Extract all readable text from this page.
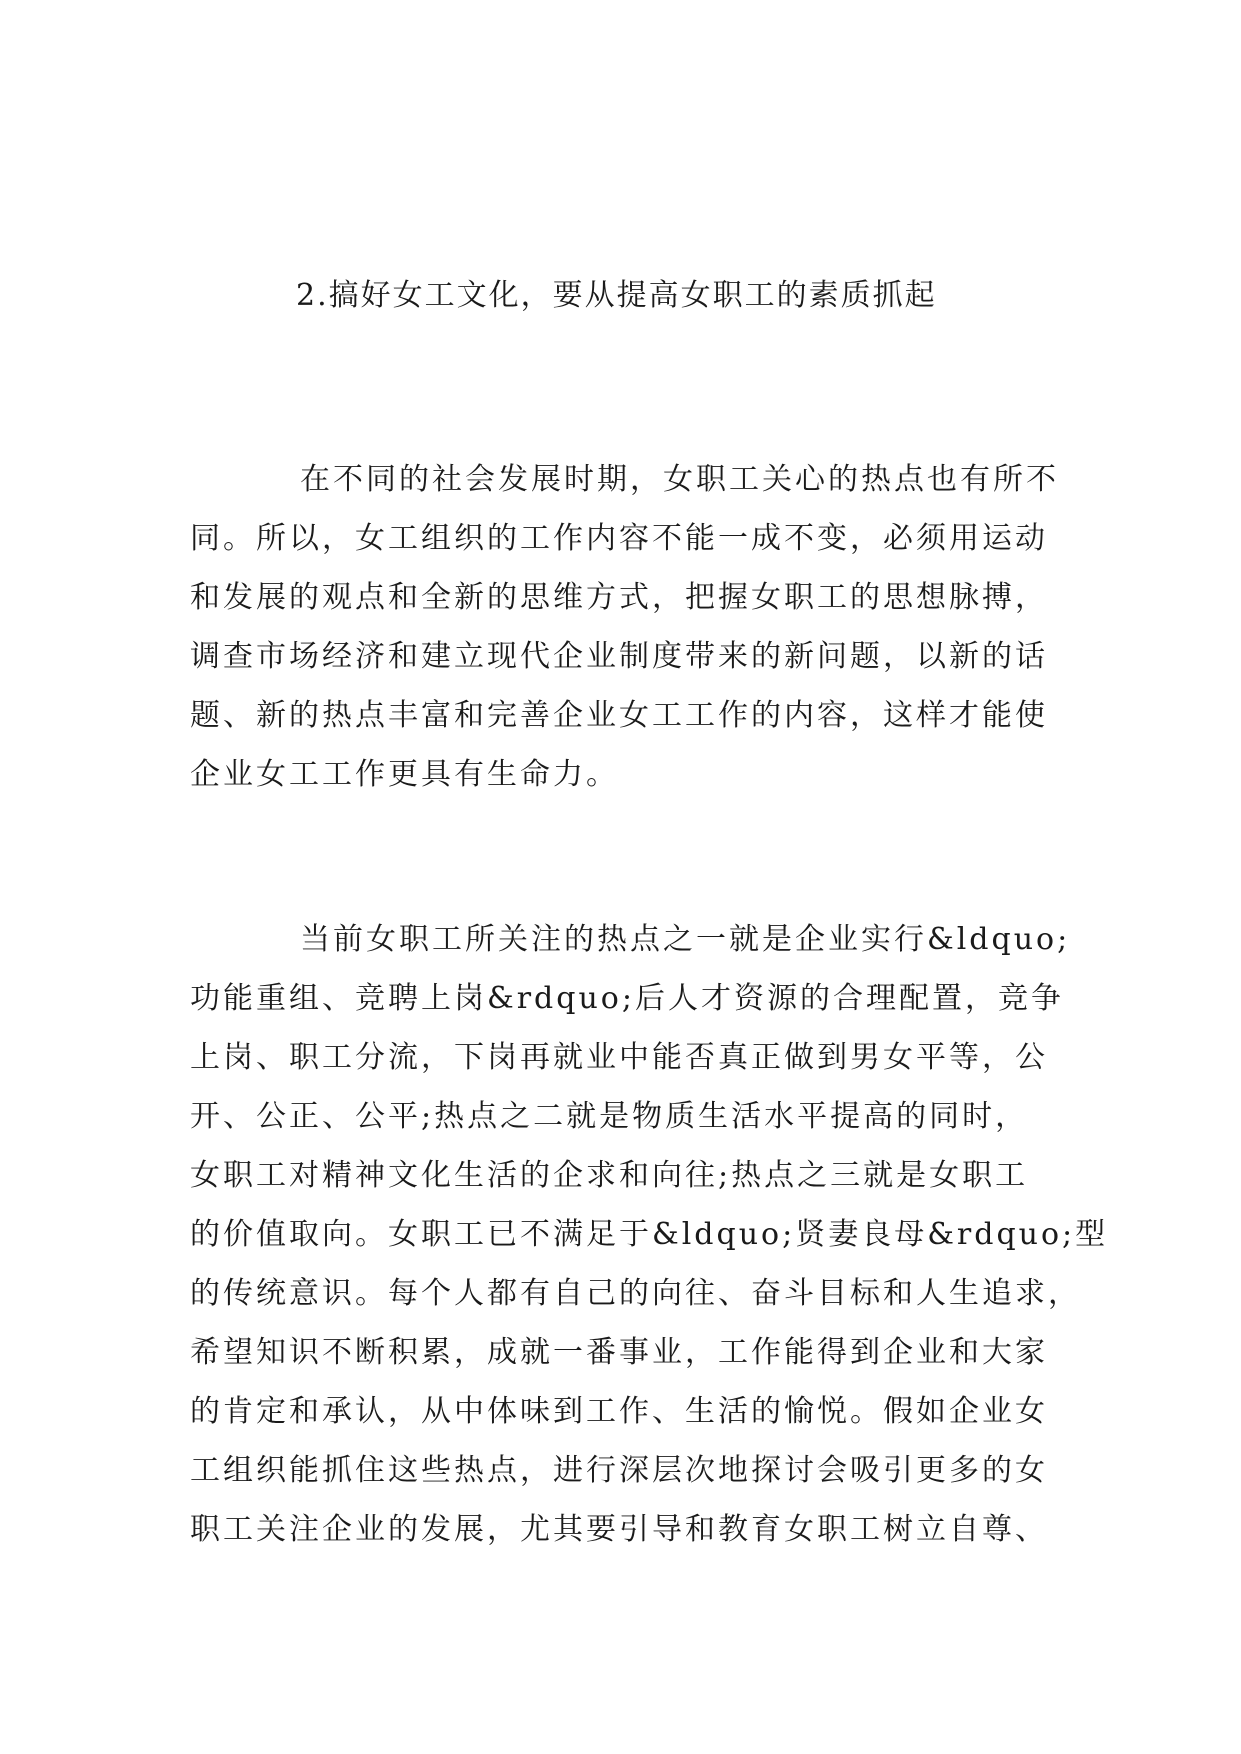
2.搞好女工文化，要从提高女职工的素质抓起
在不同的社会发展时期，女职工关心的热点也有所不
同。所以，女工组织的工作内容不能一成不变，必须用运动
和发展的观点和全新的思维方式，把握女职工的思想脉搏，
调查市场经济和建立现代企业制度带来的新问题，以新的话
题、新的热点丰富和完善企业女工工作的内容，这样才能使
企业女工工作更具有生命力。
当前女职工所关注的热点之一就是企业实行&ldquo;
功能重组、竞聘上岗&rdquo;后人才资源的合理配置，竞争
上岗、职工分流，下岗再就业中能否真正做到男女平等，公
开、公正、公平;热点之二就是物质生活水平提高的同时，
女职工对精神文化生活的企求和向往;热点之三就是女职工
的价值取向。女职工已不满足于&ldquo;贤妻良母&rdquo;型
的传统意识。每个人都有自己的向往、奋斗目标和人生追求，
希望知识不断积累，成就一番事业，工作能得到企业和大家
的肯定和承认，从中体味到工作、生活的愉悦。假如企业女
工组织能抓住这些热点，进行深层次地探讨会吸引更多的女
职工关注企业的发展，尤其要引导和教育女职工树立自尊、
